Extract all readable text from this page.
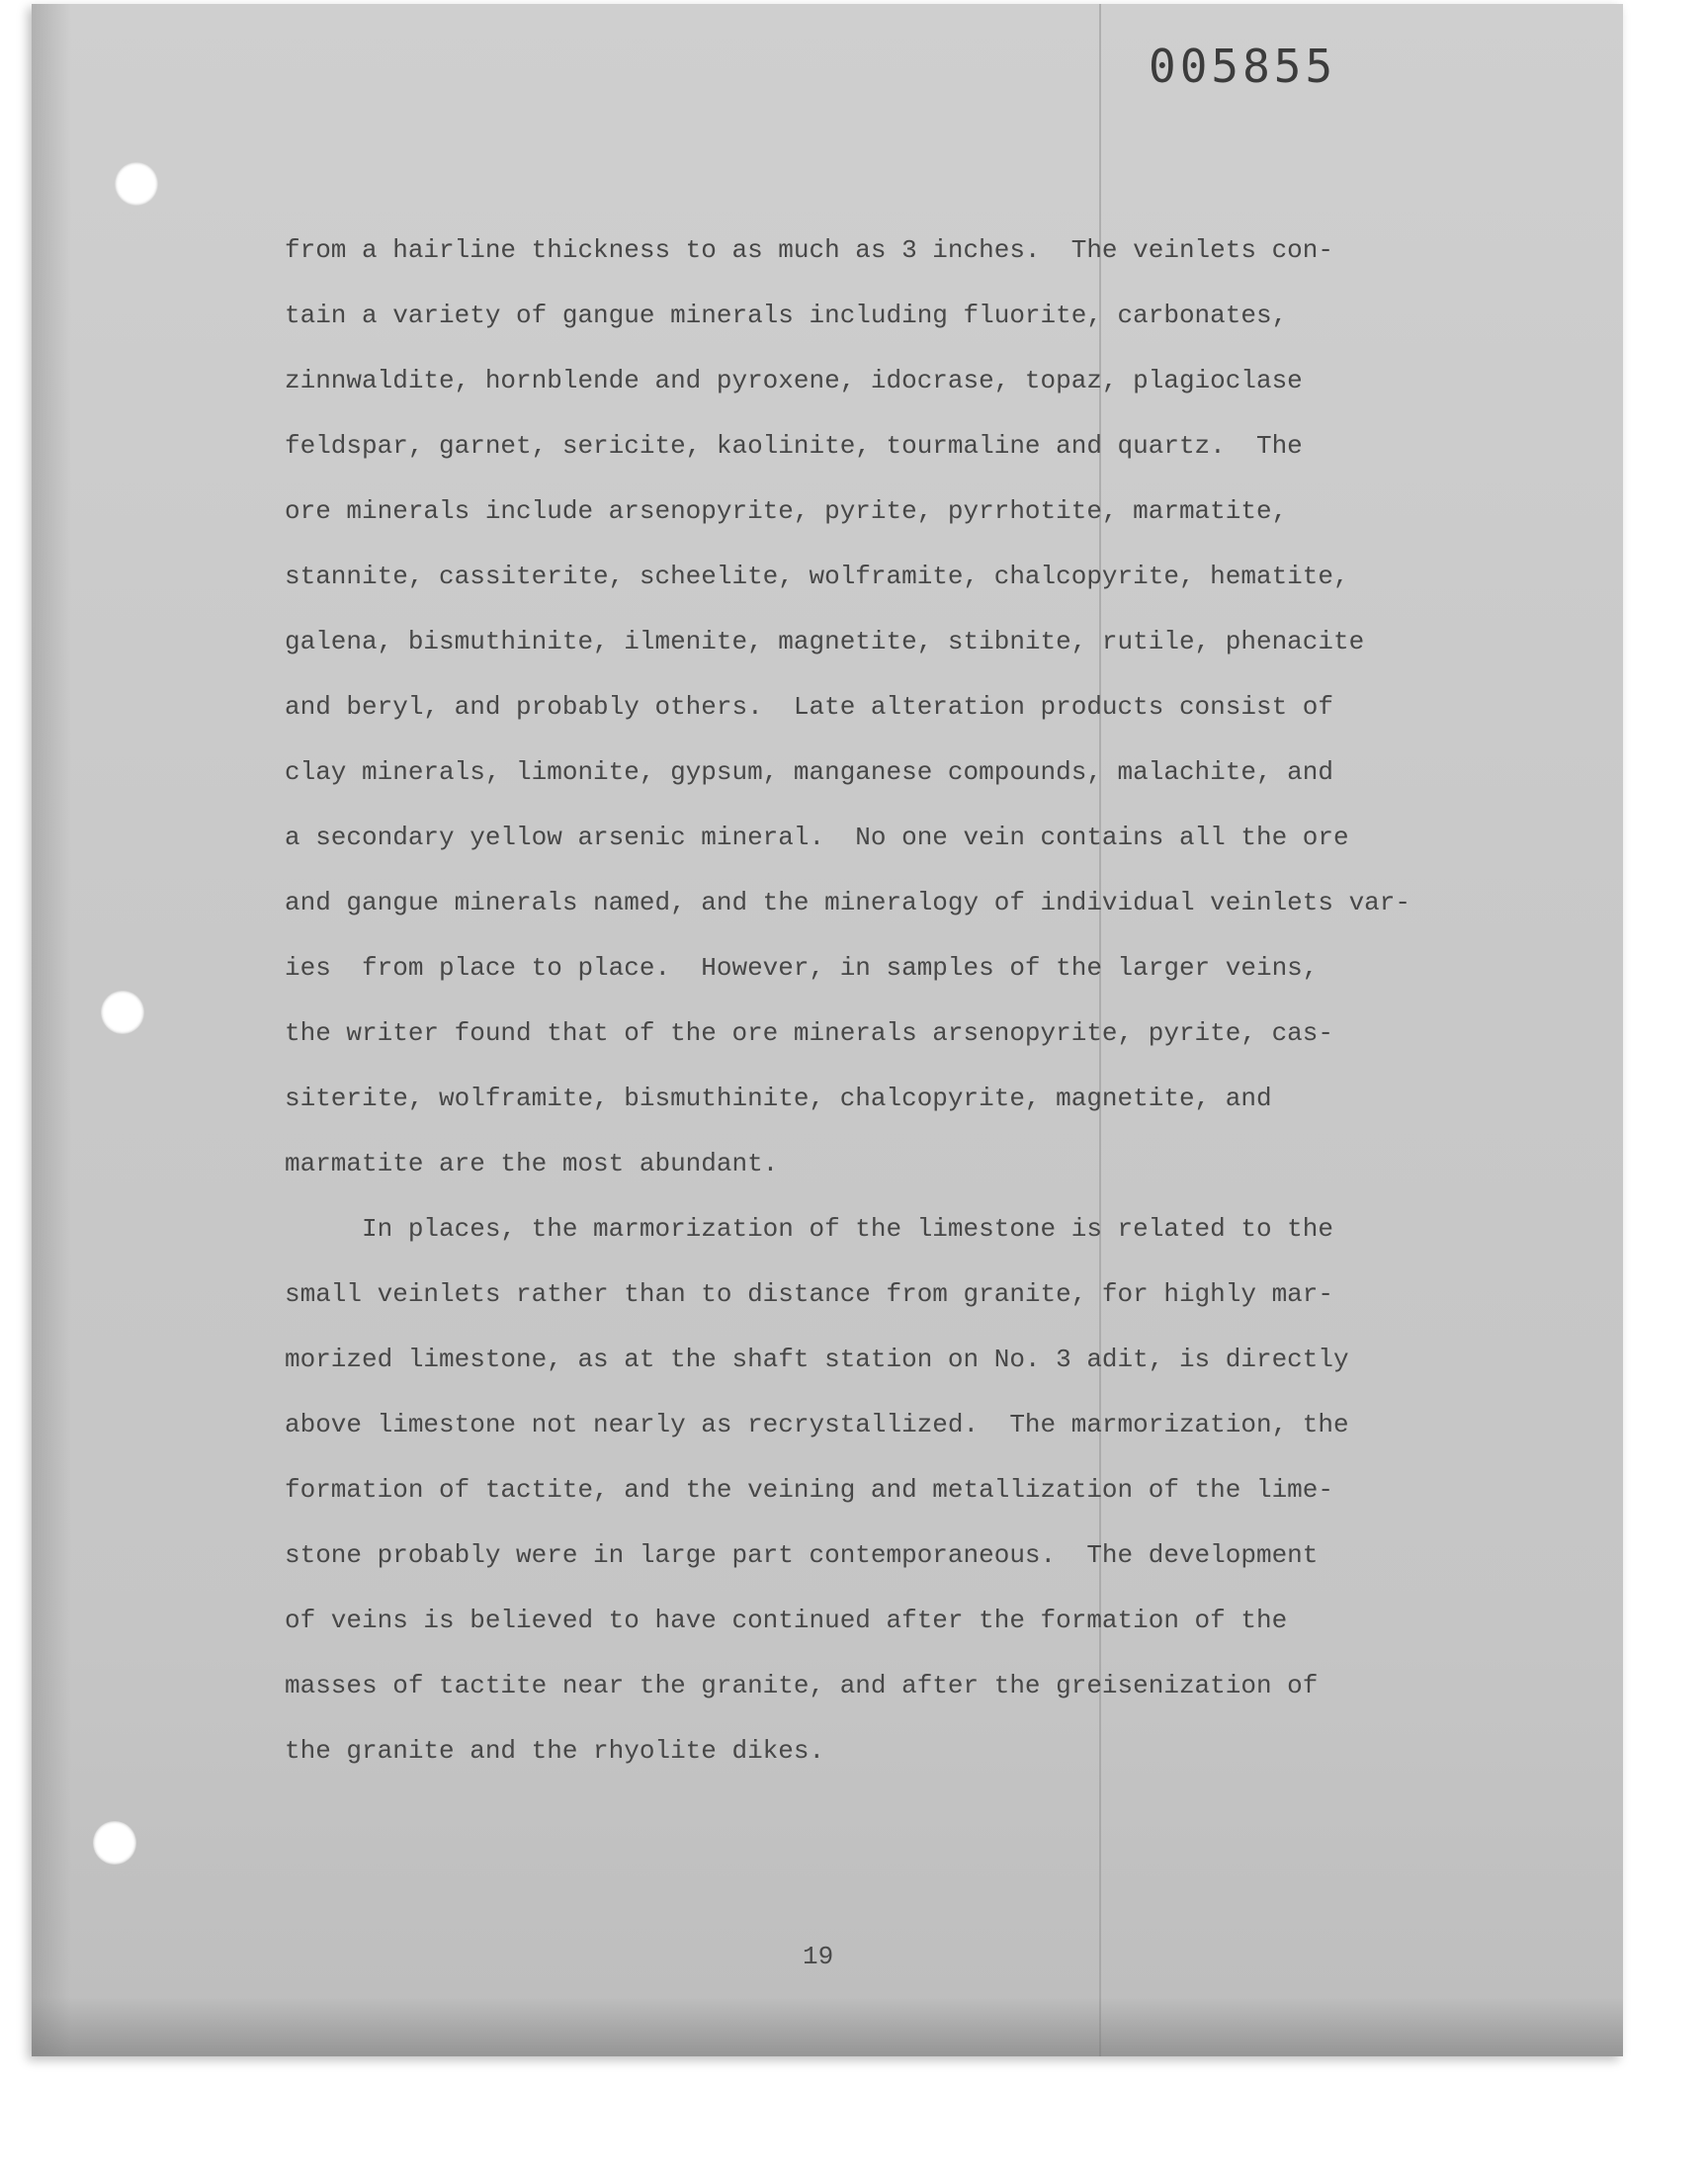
005855
from a hairline thickness to as much as 3 inches.  The veinlets con-
tain a variety of gangue minerals including fluorite, carbonates,
zinnwaldite, hornblende and pyroxene, idocrase, topaz, plagioclase
feldspar, garnet, sericite, kaolinite, tourmaline and quartz.  The
ore minerals include arsenopyrite, pyrite, pyrrhotite, marmatite,
stannite, cassiterite, scheelite, wolframite, chalcopyrite, hematite,
galena, bismuthinite, ilmenite, magnetite, stibnite, rutile, phenacite
and beryl, and probably others.  Late alteration products consist of
clay minerals, limonite, gypsum, manganese compounds, malachite, and
a secondary yellow arsenic mineral.  No one vein contains all the ore
and gangue minerals named, and the mineralogy of individual veinlets var-
ies  from place to place.  However, in samples of the larger veins,
the writer found that of the ore minerals arsenopyrite, pyrite, cas-
siterite, wolframite, bismuthinite, chalcopyrite, magnetite, and
marmatite are the most abundant.
In places, the marmorization of the limestone is related to the
small veinlets rather than to distance from granite, for highly mar-
morized limestone, as at the shaft station on No. 3 adit, is directly
above limestone not nearly as recrystallized.  The marmorization, the
formation of tactite, and the veining and metallization of the lime-
stone probably were in large part contemporaneous.  The development
of veins is believed to have continued after the formation of the
masses of tactite near the granite, and after the greisenization of
the granite and the rhyolite dikes.
19
